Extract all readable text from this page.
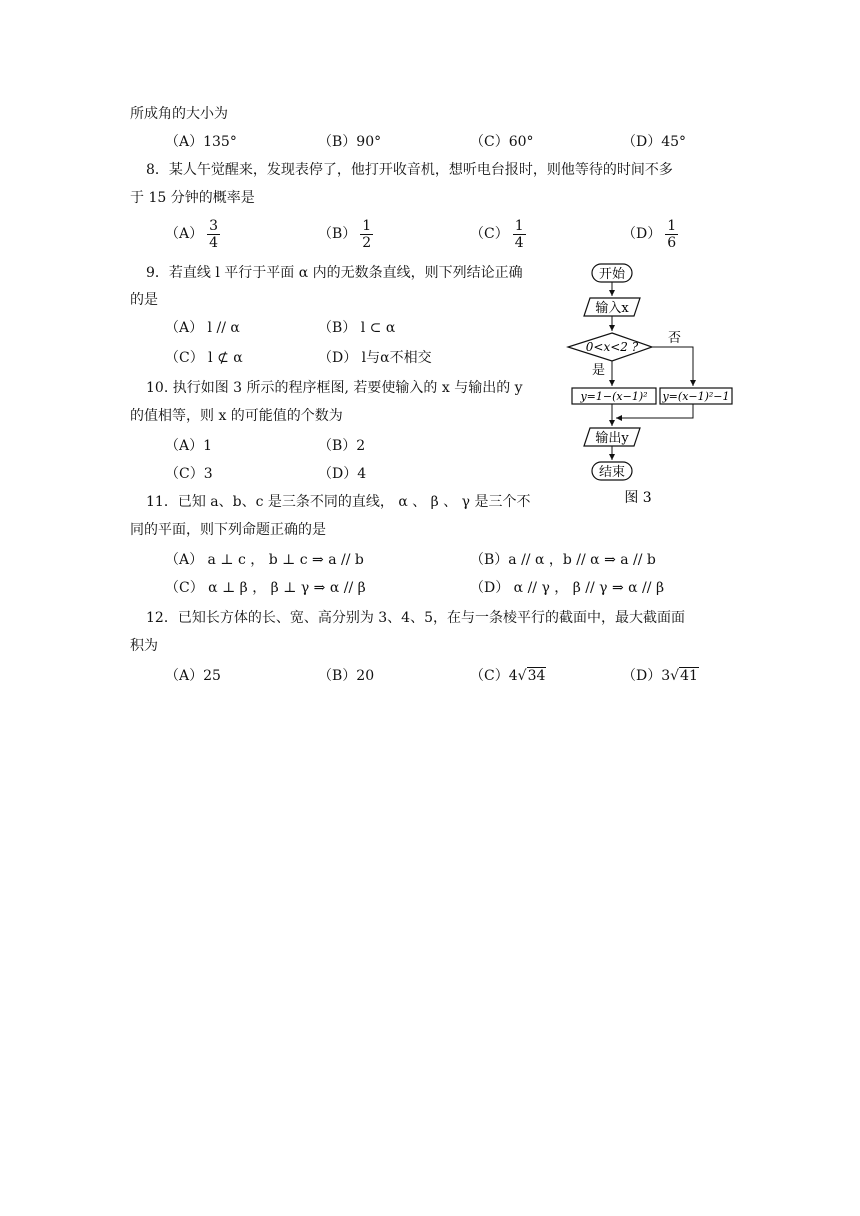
所成角的大小为
（A）135°	（B）90°	（C）60°	（D）45°
8．某人午觉醒来，发现表停了，他打开收音机，想听电台报时，则他等待的时间不多
于 15 分钟的概率是
$(A) \frac{3}{4}$	$(B) \frac{1}{2}$	$(C) \frac{1}{4}$	$(D) \frac{1}{6}$
9．若直线 l 平行于平面 α 内的无数条直线，则下列结论正确
的是
（A） l // α	（B） l ⊂ α
（C） l ⊄ α	（D） l与α不相交
10. 执行如图 3 所示的程序框图, 若要使输入的 x 与输出的 y
的值相等，则 x 的可能值的个数为
（A）1	（B）2
（C）3	（D）4
11．已知 a、b、c 是三条不同的直线， α 、 β 、 γ 是三个不
同的平面，则下列命题正确的是
（A） a ⊥ c ， b ⊥ c ⇒ a // b	（B）a // α ，b // α ⇒ a // b
（C） α ⊥ β ， β ⊥ γ ⇒ α // β	（D） α // γ ， β // γ ⇒ α // β
12．已知长方体的长、宽、高分别为 3、4、5，在与一条棱平行的截面中，最大截面面
积为
（A）25	（B）20	（C）4√34	（D）3√41
开始
输入x
0<x<2 ?
否
是
y=1−(x−1)² y=(x−1)²−1
输出y
结束
图 3
